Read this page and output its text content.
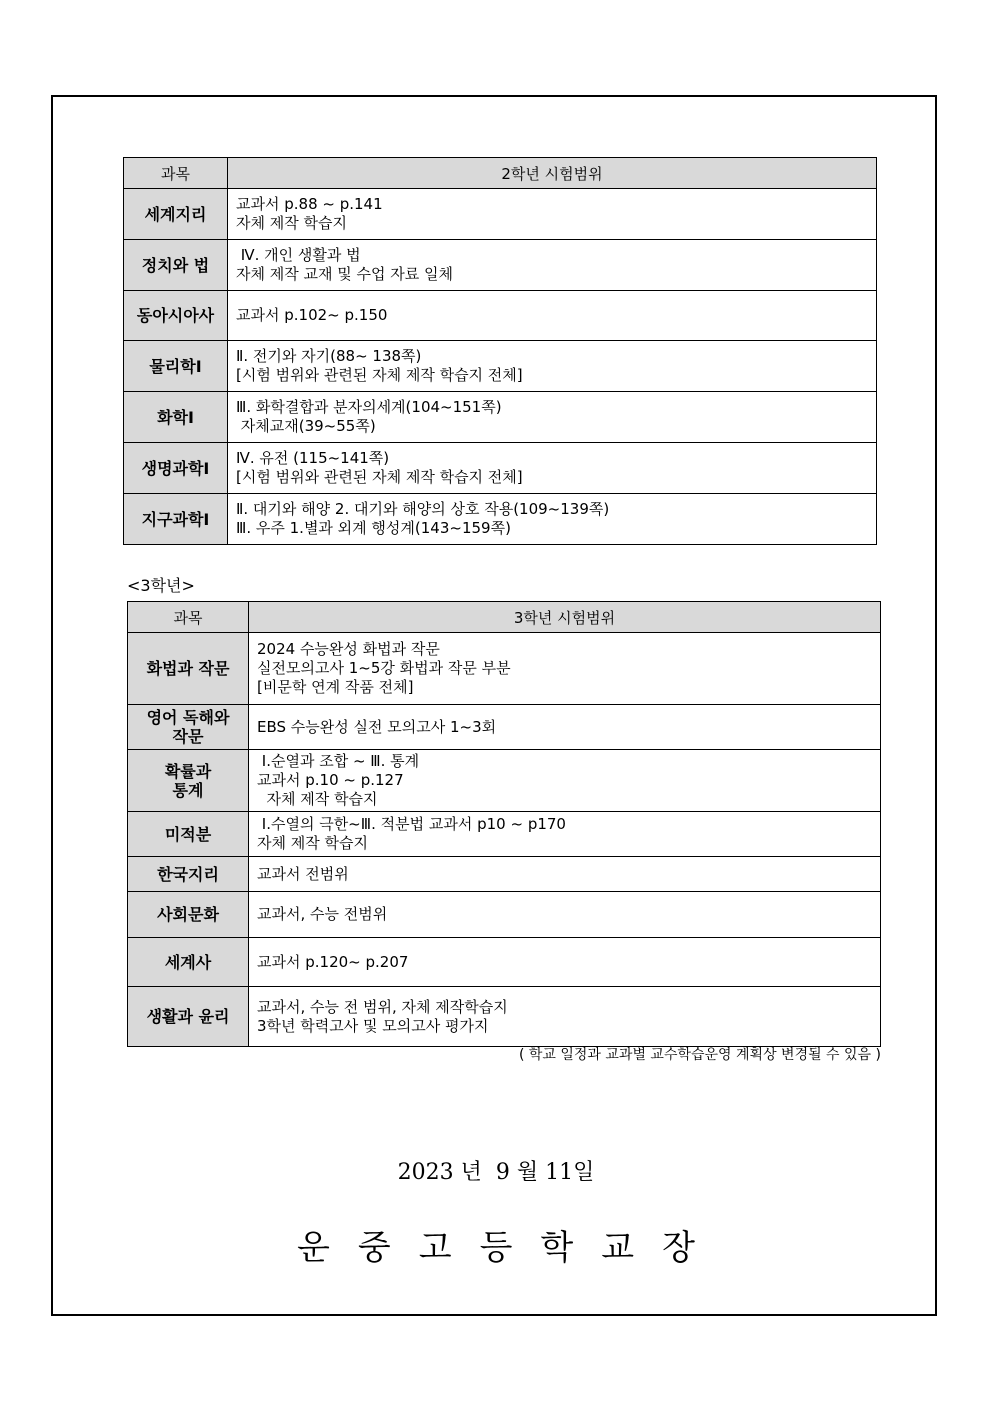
과목	2학년 시험범위
세계지리	교과서 p.88 ~ p.141
자체 제작 학습지

정치와 법	Ⅳ. 개인 생활과 법
자체 제작 교재 및 수업 자료 일체

동아시아사	교과서 p.102~ p.150

물리학Ⅰ	Ⅱ. 전기와 자기(88~ 138쪽)
[시험 범위와 관련된 자체 제작 학습지 전체]

화학Ⅰ	Ⅲ. 화학결합과 분자의세계(104~151쪽)
자체교재(39~55쪽)

생명과학Ⅰ	Ⅳ. 유전 (115~141쪽)
[시험 범위와 관련된 자체 제작 학습지 전체]

지구과학Ⅰ	Ⅱ. 대기와 해양 2. 대기와 해양의 상호 작용(109~139쪽)
Ⅲ. 우주 1.별과 외계 행성계(143~159쪽)
<3학년>
과목	3학년 시험범위

화법과 작문	2024 수능완성 화법과 작문
실전모의고사 1~5강 화법과 작문 부분
[비문학 연계 작품 전체]

영어 독해와
작문	EBS 수능완성 실전 모의고사 1~3회

확률과
통계	Ⅰ.순열과 조합 ~ Ⅲ. 통계
교과서 p.10 ~ p.127
자체 제작 학습지

미적분	Ⅰ.수열의 극한~Ⅲ. 적분법 교과서 p10 ~ p170
자체 제작 학습지

한국지리	교과서 전범위

사회문화	교과서, 수능 전범위

세계사	교과서 p.120~ p.207

생활과 윤리	교과서, 수능 전 범위, 자체 제작학습지
3학년 학력고사 및 모의고사 평가지
( 학교 일정과 교과별 교수학습운영 계획상 변경될 수 있음 )
2023 년  9 월 11일
운중고등학교장
